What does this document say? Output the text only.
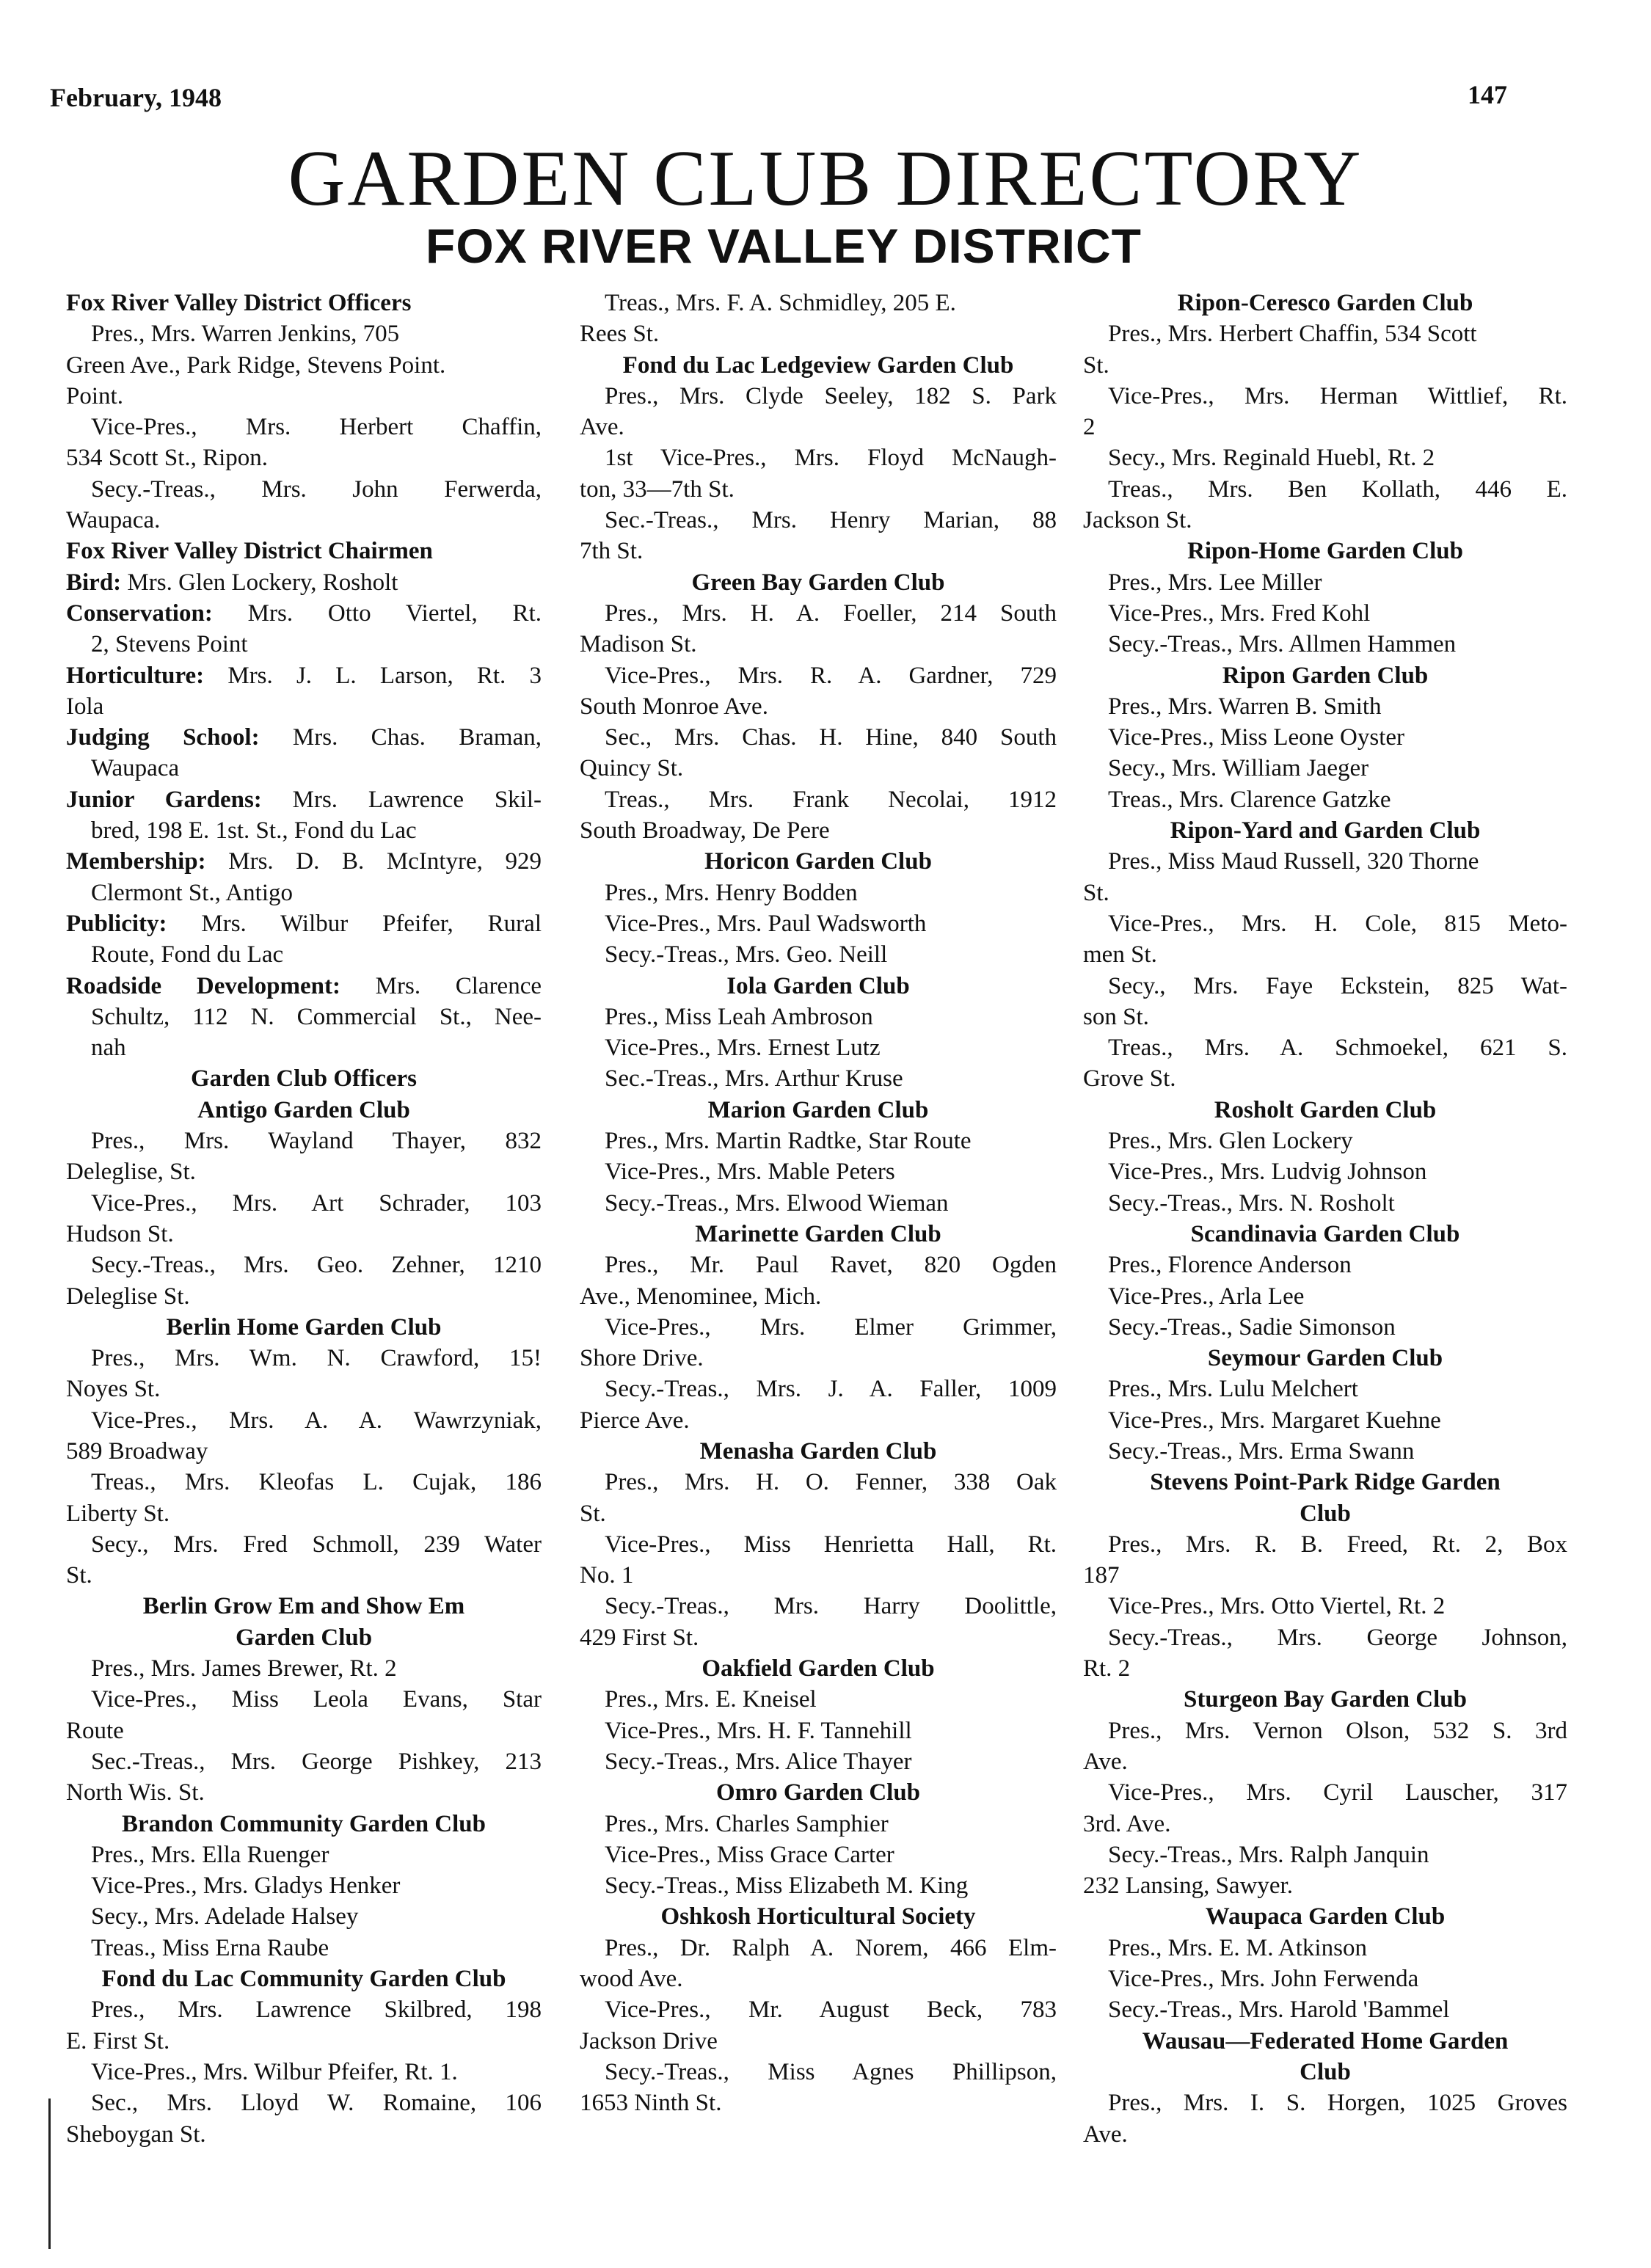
February, 1948	147
GARDEN CLUB DIRECTORY
FOX RIVER VALLEY DISTRICT
Fox River Valley District Officers
Pres., Mrs. Warren Jenkins, 705
Green Ave., Park Ridge, Stevens Point.
Point.
Vice-Pres., Mrs. Herbert Chaffin,
534 Scott St., Ripon.
Secy.-Treas., Mrs. John Ferwerda,
Waupaca.
Fox River Valley District Chairmen
Bird: Mrs. Glen Lockery, Rosholt
Conservation: Mrs. Otto Viertel, Rt.
2, Stevens Point
Horticulture: Mrs. J. L. Larson, Rt. 3
Iola
Judging School: Mrs. Chas. Braman,
Waupaca
Junior Gardens: Mrs. Lawrence Skil-
bred, 198 E. 1st. St., Fond du Lac
Membership: Mrs. D. B. McIntyre, 929
Clermont St., Antigo
Publicity: Mrs. Wilbur Pfeifer, Rural
Route, Fond du Lac
Roadside Development: Mrs. Clarence
Schultz, 112 N. Commercial St., Nee-
nah
Garden Club Officers
Antigo Garden Club
Pres., Mrs. Wayland Thayer, 832
Deleglise, St.
Vice-Pres., Mrs. Art Schrader, 103
Hudson St.
Secy.-Treas., Mrs. Geo. Zehner, 1210
Deleglise St.
Berlin Home Garden Club
Pres., Mrs. Wm. N. Crawford, 15!
Noyes St.
Vice-Pres., Mrs. A. A. Wawrzyniak,
589 Broadway
Treas., Mrs. Kleofas L. Cujak, 186
Liberty St.
Secy., Mrs. Fred Schmoll, 239 Water
St.
Berlin Grow Em and Show Em
Garden Club
Pres., Mrs. James Brewer, Rt. 2
Vice-Pres., Miss Leola Evans, Star
Route
Sec.-Treas., Mrs. George Pishkey, 213
North Wis. St.
Brandon Community Garden Club
Pres., Mrs. Ella Ruenger
Vice-Pres., Mrs. Gladys Henker
Secy., Mrs. Adelade Halsey
Treas., Miss Erna Raube
Fond du Lac Community Garden Club
Pres., Mrs. Lawrence Skilbred, 198
E. First St.
Vice-Pres., Mrs. Wilbur Pfeifer, Rt. 1.
Sec., Mrs. Lloyd W. Romaine, 106
Sheboygan St.
Treas., Mrs. F. A. Schmidley, 205 E.
Rees St.
Fond du Lac Ledgeview Garden Club
Pres., Mrs. Clyde Seeley, 182 S. Park
Ave.
1st Vice-Pres., Mrs. Floyd McNaugh-
ton, 33—7th St.
Sec.-Treas., Mrs. Henry Marian, 88
7th St.
Green Bay Garden Club
Pres., Mrs. H. A. Foeller, 214 South
Madison St.
Vice-Pres., Mrs. R. A. Gardner, 729
South Monroe Ave.
Sec., Mrs. Chas. H. Hine, 840 South
Quincy St.
Treas., Mrs. Frank Necolai, 1912
South Broadway, De Pere
Horicon Garden Club
Pres., Mrs. Henry Bodden
Vice-Pres., Mrs. Paul Wadsworth
Secy.-Treas., Mrs. Geo. Neill
Iola Garden Club
Pres., Miss Leah Ambroson
Vice-Pres., Mrs. Ernest Lutz
Sec.-Treas., Mrs. Arthur Kruse
Marion Garden Club
Pres., Mrs. Martin Radtke, Star Route
Vice-Pres., Mrs. Mable Peters
Secy.-Treas., Mrs. Elwood Wieman
Marinette Garden Club
Pres., Mr. Paul Ravet, 820 Ogden
Ave., Menominee, Mich.
Vice-Pres., Mrs. Elmer Grimmer,
Shore Drive.
Secy.-Treas., Mrs. J. A. Faller, 1009
Pierce Ave.
Menasha Garden Club
Pres., Mrs. H. O. Fenner, 338 Oak
St.
Vice-Pres., Miss Henrietta Hall, Rt.
No. 1
Secy.-Treas., Mrs. Harry Doolittle,
429 First St.
Oakfield Garden Club
Pres., Mrs. E. Kneisel
Vice-Pres., Mrs. H. F. Tannehill
Secy.-Treas., Mrs. Alice Thayer
Omro Garden Club
Pres., Mrs. Charles Samphier
Vice-Pres., Miss Grace Carter
Secy.-Treas., Miss Elizabeth M. King
Oshkosh Horticultural Society
Pres., Dr. Ralph A. Norem, 466 Elm-
wood Ave.
Vice-Pres., Mr. August Beck, 783
Jackson Drive
Secy.-Treas., Miss Agnes Phillipson,
1653 Ninth St.
Ripon-Ceresco Garden Club
Pres., Mrs. Herbert Chaffin, 534 Scott
St.
Vice-Pres., Mrs. Herman Wittlief, Rt.
2
Secy., Mrs. Reginald Huebl, Rt. 2
Treas., Mrs. Ben Kollath, 446 E.
Jackson St.
Ripon-Home Garden Club
Pres., Mrs. Lee Miller
Vice-Pres., Mrs. Fred Kohl
Secy.-Treas., Mrs. Allmen Hammen
Ripon Garden Club
Pres., Mrs. Warren B. Smith
Vice-Pres., Miss Leone Oyster
Secy., Mrs. William Jaeger
Treas., Mrs. Clarence Gatzke
Ripon-Yard and Garden Club
Pres., Miss Maud Russell, 320 Thorne
St.
Vice-Pres., Mrs. H. Cole, 815 Meto-
men St.
Secy., Mrs. Faye Eckstein, 825 Wat-
son St.
Treas., Mrs. A. Schmoekel, 621 S.
Grove St.
Rosholt Garden Club
Pres., Mrs. Glen Lockery
Vice-Pres., Mrs. Ludvig Johnson
Secy.-Treas., Mrs. N. Rosholt
Scandinavia Garden Club
Pres., Florence Anderson
Vice-Pres., Arla Lee
Secy.-Treas., Sadie Simonson
Seymour Garden Club
Pres., Mrs. Lulu Melchert
Vice-Pres., Mrs. Margaret Kuehne
Secy.-Treas., Mrs. Erma Swann
Stevens Point-Park Ridge Garden
Club
Pres., Mrs. R. B. Freed, Rt. 2, Box
187
Vice-Pres., Mrs. Otto Viertel, Rt. 2
Secy.-Treas., Mrs. George Johnson,
Rt. 2
Sturgeon Bay Garden Club
Pres., Mrs. Vernon Olson, 532 S. 3rd
Ave.
Vice-Pres., Mrs. Cyril Lauscher, 317
3rd. Ave.
Secy.-Treas., Mrs. Ralph Janquin
232 Lansing, Sawyer.
Waupaca Garden Club
Pres., Mrs. E. M. Atkinson
Vice-Pres., Mrs. John Ferwenda
Secy.-Treas., Mrs. Harold 'Bammel
Wausau—Federated Home Garden
Club
Pres., Mrs. I. S. Horgen, 1025 Groves
Ave.
